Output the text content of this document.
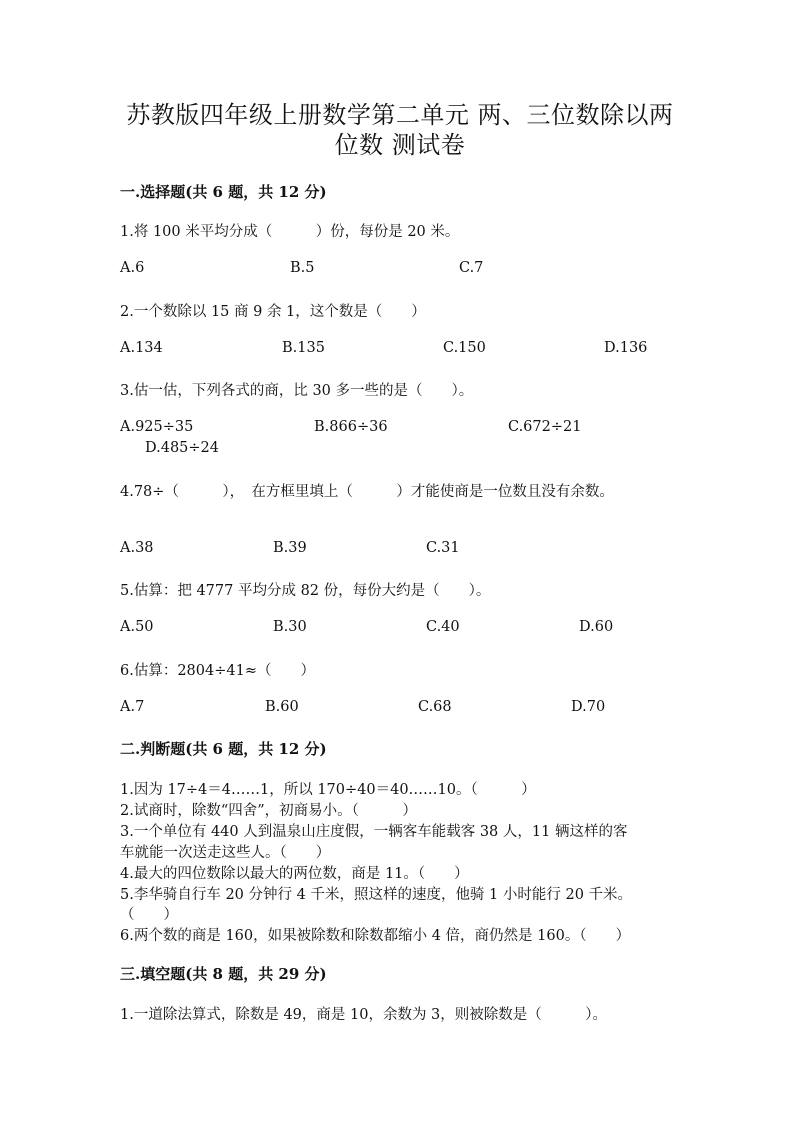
苏教版四年级上册数学第二单元 两、三位数除以两
位数 测试卷
一.选择题(共 6 题，共 12 分)
1.将 100 米平均分成（　　　）份，每份是 20 米。
A.6	B.5	C.7
2.一个数除以 15 商 9 余 1，这个数是（　　）
A.134	B.135	C.150	D.136
3.估一估，下列各式的商，比 30 多一些的是（　　）。
A.925÷35	B.866÷36	C.672÷21
D.485÷24
4.78÷（　　　），　在方框里填上（　　　）才能使商是一位数且没有余数。
A.38	B.39	C.31
5.估算：把 4777 平均分成 82 份，每份大约是（　　）。
A.50	B.30	C.40	D.60
6.估算：2804÷41≈（　　）
A.7	B.60	C.68	D.70
二.判断题(共 6 题，共 12 分)
1.因为 17÷4＝4……1，所以 170÷40＝40……10。（　　　）
2.试商时，除数“四舍”，初商易小。（　　　）
3.一个单位有 440 人到温泉山庄度假，一辆客车能载客 38 人，11 辆这样的客
车就能一次送走这些人。（　　）
4.最大的四位数除以最大的两位数，商是 11。（　　）
5.李华骑自行车 20 分钟行 4 千米，照这样的速度，他骑 1 小时能行 20 千米。
（　　）
6.两个数的商是 160，如果被除数和除数都缩小 4 倍，商仍然是 160。（　　）
三.填空题(共 8 题，共 29 分)
1.一道除法算式，除数是 49，商是 10，余数为 3，则被除数是（　　　）。
